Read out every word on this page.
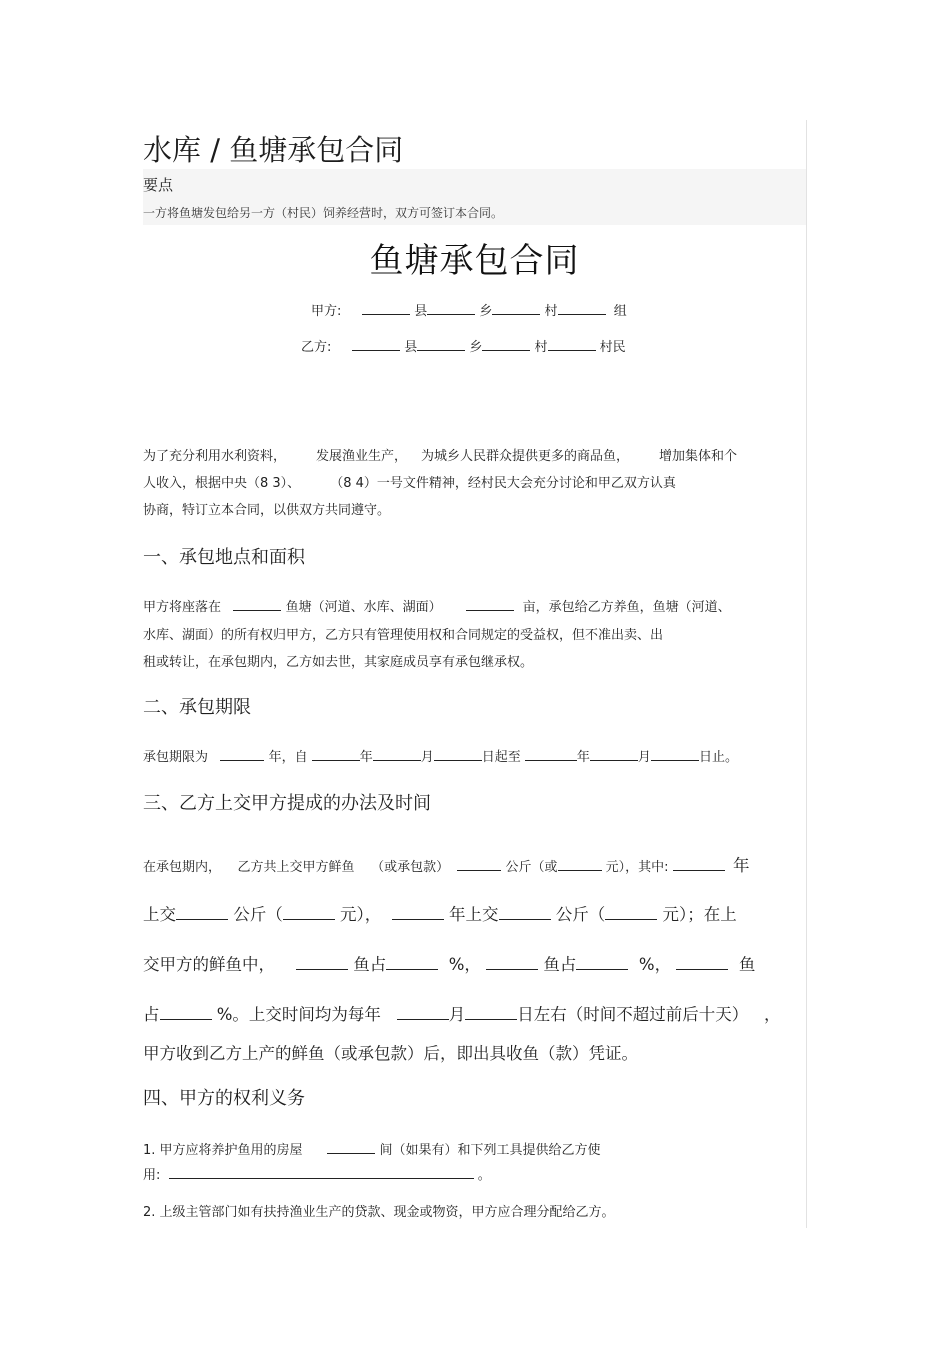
水库 / 鱼塘承包合同
要点
一方将鱼塘发包给另一方（村民）饲养经营时，双方可签订本合同。
鱼塘承包合同
甲方:	县	乡	村	组
乙方:	县	乡	村	村民
为了充分利用水利资料， 发展渔业生产， 为城乡人民群众提供更多的商品鱼， 增加集体和个
人收入，根据中央（8 3）、 （8 4）一号文件精神，经村民大会充分讨论和甲乙双方认真
协商，特订立本合同，以供双方共同遵守。
一、承包地点和面积
甲方将座落在	鱼塘（河道、水库、湖面）	亩，承包给乙方养鱼，鱼塘（河道、
水库、湖面）的所有权归甲方，乙方只有管理使用权和合同规定的受益权，但不准出卖、出
租或转让，在承包期内，乙方如去世，其家庭成员享有承包继承权。
二、承包期限
承包期限为	年，自	年	月	日起至	年	月	日止。
三、乙方上交甲方提成的办法及时间
在承包期内， 乙方共上交甲方鲜鱼 （或承包款）	公斤（或	元），其中:	年
上交	公斤（	元），	年上交	公斤（	元）；在上
交甲方的鲜鱼中，	鱼占	%，	鱼占	%，	鱼
占	%。上交时间均为每年	月	日左右（时间不超过前后十天） ，
甲方收到乙方上产的鲜鱼（或承包款）后，即出具收鱼（款）凭证。
四、甲方的权利义务
1. 甲方应将养护鱼用的房屋	间（如果有）和下列工具提供给乙方使
用:	。
2. 上级主管部门如有扶持渔业生产的贷款、现金或物资，甲方应合理分配给乙方。
